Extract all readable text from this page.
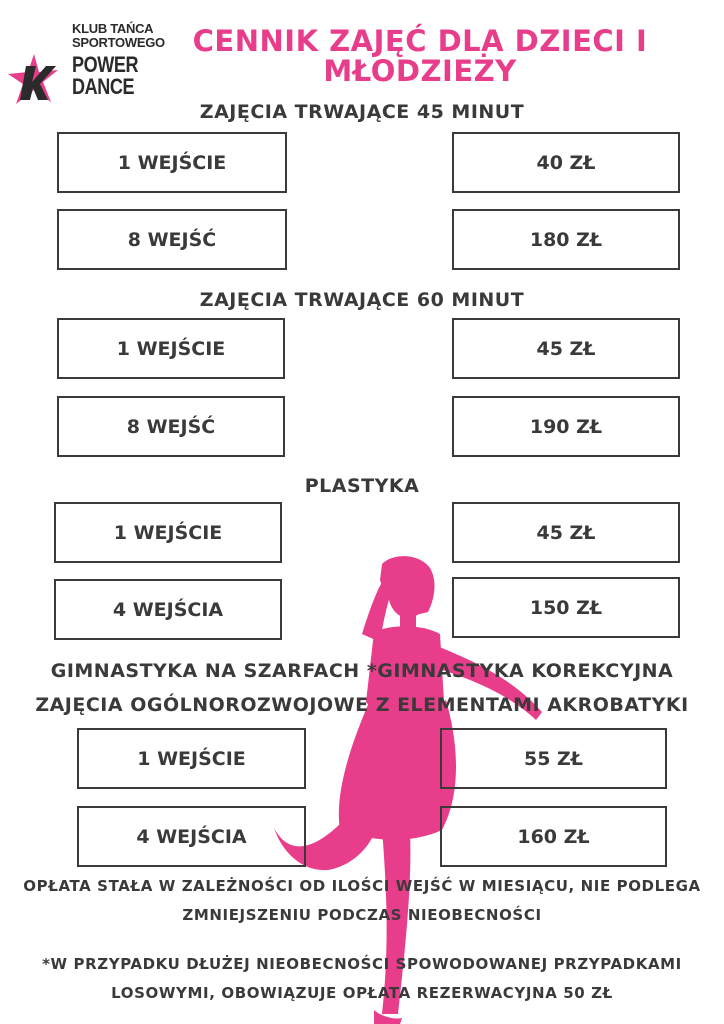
KLUB TAŃCA
SPORTOWEGO
POWER
DANCE
CENNIK ZAJĘĆ DLA DZIECI I MŁODZIEŻY
ZAJĘCIA TRWAJĄCE 45 MINUT
1 WEJŚCIE	40 ZŁ
8 WEJŚĆ	180 ZŁ
ZAJĘCIA TRWAJĄCE 60 MINUT
1 WEJŚCIE	45 ZŁ
8 WEJŚĆ	190 ZŁ
PLASTYKA
1 WEJŚCIE	45 ZŁ
4 WEJŚCIA	150 ZŁ
GIMNASTYKA NA SZARFACH *GIMNASTYKA KOREKCYJNA
ZAJĘCIA OGÓLNOROZWOJOWE Z ELEMENTAMI AKROBATYKI
1 WEJŚCIE	55 ZŁ
4 WEJŚCIA	160 ZŁ
OPŁATA STAŁA W ZALEŻNOŚCI OD ILOŚCI WEJŚĆ W MIESIĄCU, NIE PODLEGA
ZMNIEJSZENIU PODCZAS NIEOBECNOŚCI
*W PRZYPADKU DŁUŻEJ NIEOBECNOŚCI SPOWODOWANEJ PRZYPADKAMI
LOSOWYMI, OBOWIĄZUJE OPŁATA REZERWACYJNA 50 ZŁ
